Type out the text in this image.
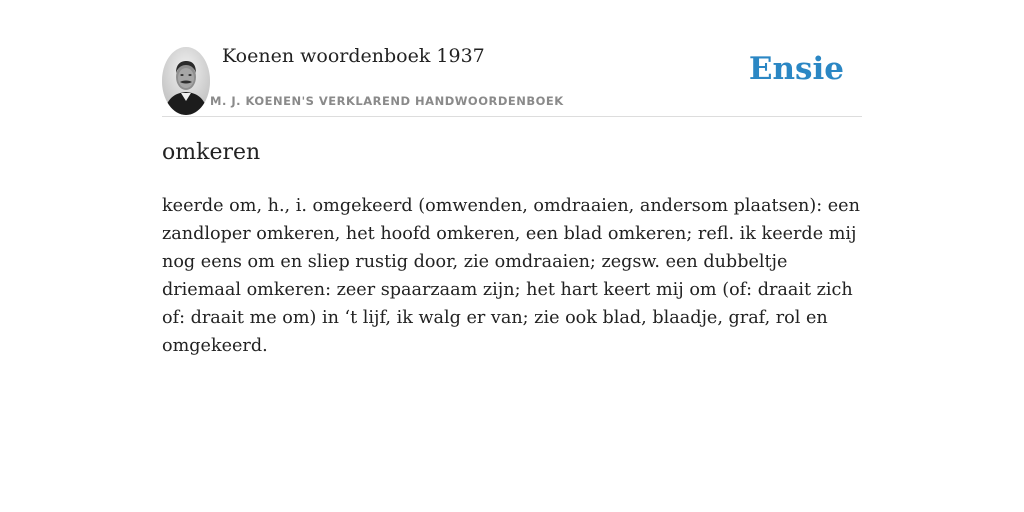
Koenen woordenboek 1937
M. J. KOENEN'S VERKLAREND HANDWOORDENBOEK
Ensie
omkeren

keerde om, h., i. omgekeerd (omwenden, omdraaien, andersom plaatsen): een zandloper omkeren, het hoofd omkeren, een blad omkeren; refl. ik keerde mij nog eens om en sliep rustig door, zie omdraaien; zegsw. een dubbeltje driemaal omkeren: zeer spaarzaam zijn; het hart keert mij om (of: draait zich of: draait me om) in ‘t lijf, ik walg er van; zie ook blad, blaadje, graf, rol en omgekeerd.
